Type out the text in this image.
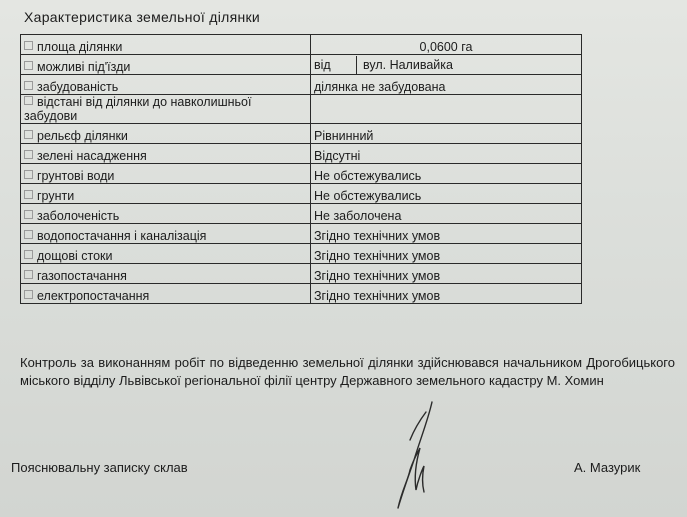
Характеристика земельної ділянки
площа ділянки	0,0600 га
можливі під'їзди	від вул. Наливайка
забудованість	ділянка не забудована
відстані від ділянки до навколишньої забудови	
рельєф ділянки	Рівнинний
зелені насадження	Відсутні
грунтові води	Не обстежувались
грунти	Не обстежувались
заболоченість	Не заболочена
водопостачання і каналізація	Згідно технічних умов
дощові стоки	Згідно технічних умов
газопостачання	Згідно технічних умов
електропостачання	Згідно технічних умов
Контроль за виконанням робіт по відведенню земельної ділянки здійснювався начальником Дрогобицького міського відділу Львівської регіональної філії центру Державного земельного кадастру М. Хомин
Пояснювальну записку склав	А. Мазурик
